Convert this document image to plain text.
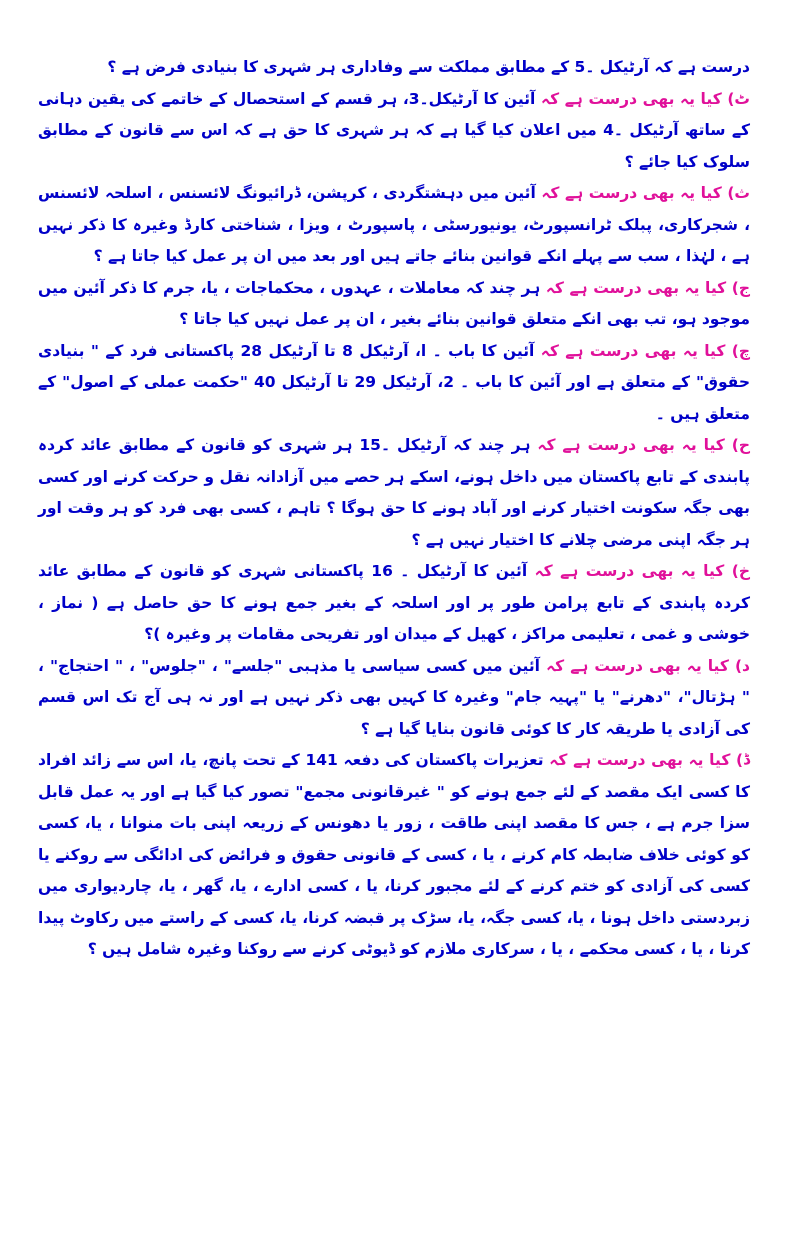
درست ہے کہ آرٹیکل ۔5 کے مطابق مملکت سے وفاداری ہر شہری کا بنیادی فرض ہے ؟

ٹ) کیا یہ بھی درست ہے کہ آئین کا آرٹیکل۔3، ہر قسم کے استحصال کے خاتمے کی یقین دہانی کے ساتھ آرٹیکل ۔4 میں اعلان کیا گیا ہے کہ ہر شہری کا حق ہے کہ اس سے قانون کے مطابق سلوک کیا جائے ؟

ث) کیا یہ بھی درست ہے کہ آئین میں دہشتگردی ، کرپشن، ڈرائیونگ لائسنس ، اسلحہ لائسنس ، شجرکاری، پبلک ٹرانسپورٹ، یونیورسٹی ، پاسپورٹ ، ویزا ، شناختی کارڈ وغیرہ کا ذکر نہیں ہے ، لہٰذا ، سب سے پہلے انکے قوانین بنائے جاتے ہیں اور بعد میں ان پر عمل کیا جاتا ہے ؟

ج) کیا یہ بھی درست ہے کہ ہر چند کہ معاملات ، عہدوں ، محکماجات ، یا، جرم کا ذکر آئین میں موجود ہو، تب بھی انکے متعلق قوانین بنائے بغیر ، ان پر عمل نہیں کیا جاتا ؟

چ) کیا یہ بھی درست ہے کہ آئین کا باب ۔ ا، آرٹیکل 8 تا آرٹیکل 28 پاکستانی فرد کے " بنیادی حقوق" کے متعلق ہے اور آئین کا باب ۔ 2، آرٹیکل 29 تا آرٹیکل 40 "حکمت عملی کے اصول" کے متعلق ہیں ۔

ح) کیا یہ بھی درست ہے کہ ہر چند کہ آرٹیکل ۔15 ہر شہری کو قانون کے مطابق عائد کردہ پابندی کے تابع پاکستان میں داخل ہونے، اسکے ہر حصے میں آزادانہ نقل و حرکت کرنے اور کسی بھی جگہ سکونت اختیار کرنے اور آباد ہونے کا حق ہوگا ؟ تاہم ، کسی بھی فرد کو ہر وقت اور ہر جگہ اپنی مرضی چلانے کا اختیار نہیں ہے ؟

خ) کیا یہ بھی درست ہے کہ آئین کا آرٹیکل ۔ 16 پاکستانی شہری کو قانون کے مطابق عائد کردہ پابندی کے تابع پرامن طور پر اور اسلحہ کے بغیر جمع ہونے کا حق حاصل ہے ( نماز ، خوشی و غمی ، تعلیمی مراکز ، کھیل کے میدان اور تفریحی مقامات پر وغیرہ )؟

د) کیا یہ بھی درست ہے کہ آئین میں کسی سیاسی یا مذہبی "جلسے" ، "جلوس" ، " احتجاج" ، " ہڑتال"، "دھرنے" یا "پہیہ جام" وغیرہ کا کہیں بھی ذکر نہیں ہے اور نہ ہی آج تک اس قسم کی آزادی یا طریقہ کار کا کوئی قانون بنایا گیا ہے ؟

ڈ) کیا یہ بھی درست ہے کہ تعزیرات پاکستان کی دفعہ 141 کے تحت پانچ، یا، اس سے زائد افراد کا کسی ایک مقصد کے لئے جمع ہونے کو " غیرقانونی مجمع" تصور کیا گیا ہے اور یہ عمل قابل سزا جرم ہے ، جس کا مقصد اپنی طاقت ، زور یا دھونس کے زریعہ اپنی بات منوانا ، یا، کسی کو کوئی خلاف ضابطہ کام کرنے ، یا ، کسی کے قانونی حقوق و فرائض کی ادائگی سے روکنے یا کسی کی آزادی کو ختم کرنے کے لئے مجبور کرنا، یا ، کسی ادارے ، یا، گھر ، یا، چاردیواری میں زبردستی داخل ہونا ، یا، کسی جگہ، یا، سڑک پر قبضہ کرنا، یا، کسی کے راستے میں رکاوٹ پیدا کرنا ، یا ، کسی محکمے ، یا ، سرکاری ملازم کو ڈیوٹی کرنے سے روکنا وغیرہ شامل ہیں ؟
